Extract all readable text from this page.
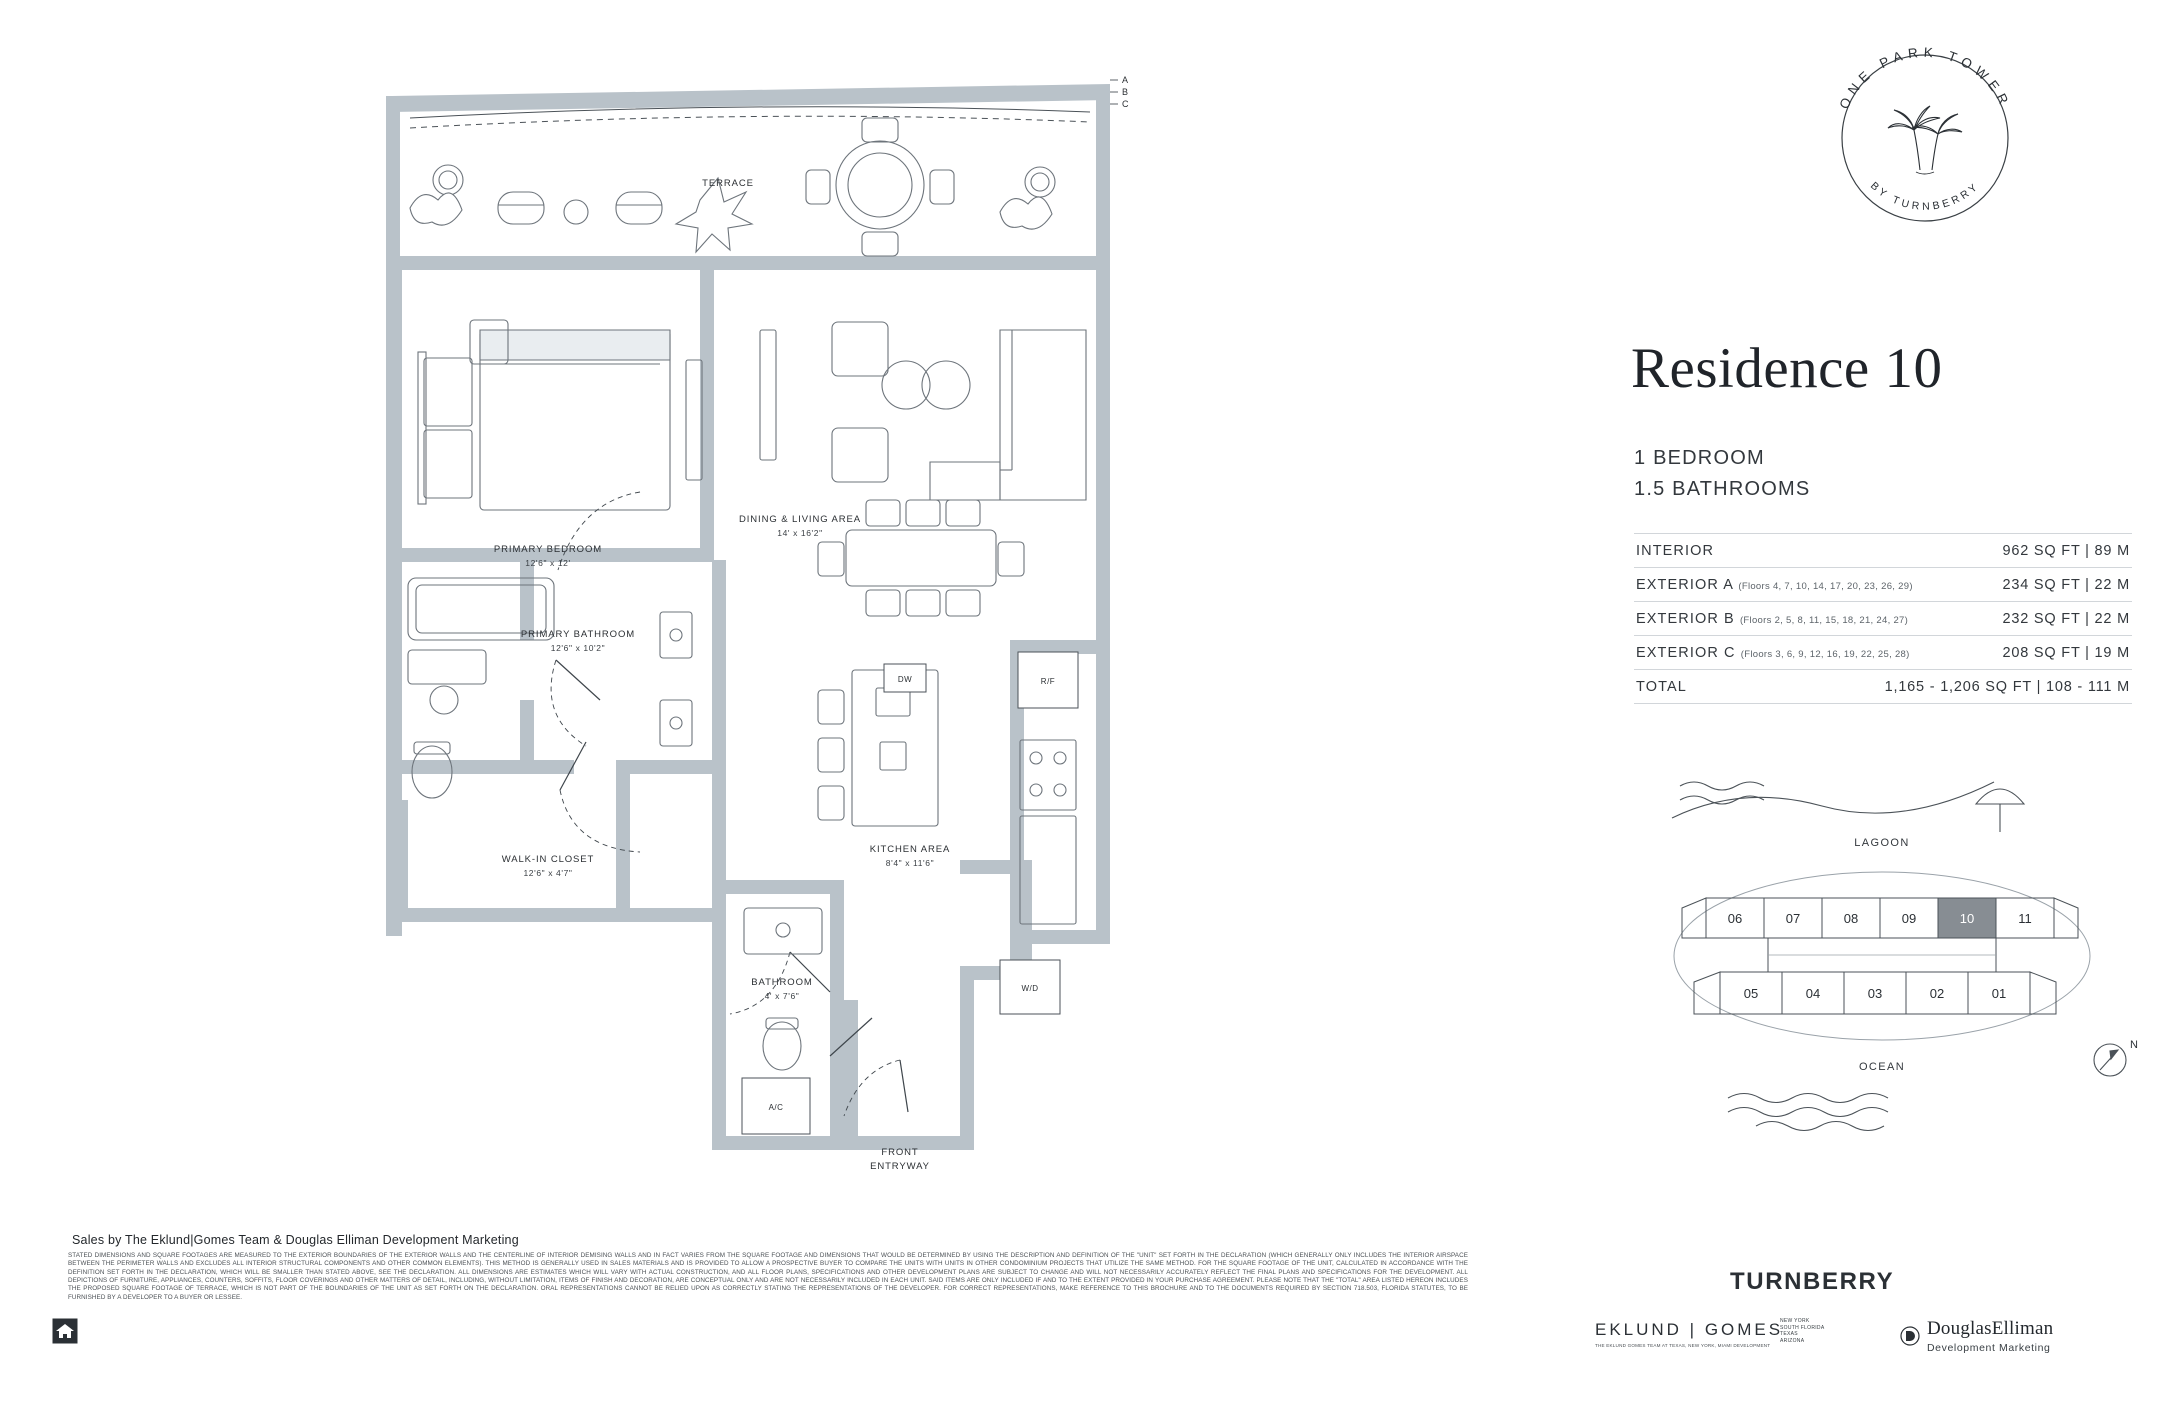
A
B
C
TERRACE
PRIMARY BEDROOM
12'6" x 12'
DINING & LIVING AREA
14' x 16'2"
PRIMARY BATHROOM
12'6" x 10'2"
WALK-IN CLOSET
12'6" x 4'7"
DW	R/F
KITCHEN AREA
8'4" x 11'6"
W/D
BATHROOM
4' x 7'6"
A/C
FRONT
ENTRYWAY
ONE PARK TOWER
BY TURNBERRY
Residence 10
1 BEDROOM
1.5 BATHROOMS
INTERIOR	962 SQ FT | 89 M
EXTERIOR A (Floors 4, 7, 10, 14, 17, 20, 23, 26, 29)	234 SQ FT | 22 M
EXTERIOR B (Floors 2, 5, 8, 11, 15, 18, 21, 24, 27)	232 SQ FT | 22 M
EXTERIOR C (Floors 3, 6, 9, 12, 16, 19, 22, 25, 28)	208 SQ FT | 19 M
TOTAL	1,165 - 1,206 SQ FT | 108 - 111 M
LAGOON
06	07	08	09	10	11
05	04	03	02	01
N
OCEAN
Sales by The Eklund|Gomes Team & Douglas Elliman Development Marketing
STATED DIMENSIONS AND SQUARE FOOTAGES ARE MEASURED TO THE EXTERIOR BOUNDARIES OF THE EXTERIOR WALLS AND THE CENTERLINE OF INTERIOR DEMISING WALLS AND IN FACT VARIES FROM THE SQUARE FOOTAGE AND DIMENSIONS THAT WOULD BE DETERMINED BY USING THE DESCRIPTION AND DEFINITION OF THE "UNIT" SET FORTH IN THE DECLARATION (WHICH GENERALLY ONLY INCLUDES THE INTERIOR AIRSPACE BETWEEN THE PERIMETER WALLS AND EXCLUDES ALL INTERIOR STRUCTURAL COMPONENTS AND OTHER COMMON ELEMENTS). THIS METHOD IS GENERALLY USED IN SALES MATERIALS AND IS PROVIDED TO ALLOW A PROSPECTIVE BUYER TO COMPARE THE UNITS WITH UNITS IN OTHER CONDOMINIUM PROJECTS THAT UTILIZE THE SAME METHOD. FOR THE SQUARE FOOTAGE OF THE UNIT, CALCULATED IN ACCORDANCE WITH THE DEFINITION SET FORTH IN THE DECLARATION, WHICH WILL BE SMALLER THAN STATED ABOVE, SEE THE DECLARATION. ALL DIMENSIONS ARE ESTIMATES WHICH WILL VARY WITH ACTUAL CONSTRUCTION, AND ALL FLOOR PLANS, SPECIFICATIONS AND OTHER DEVELOPMENT PLANS ARE SUBJECT TO CHANGE AND WILL NOT NECESSARILY ACCURATELY REFLECT THE FINAL PLANS AND SPECIFICATIONS FOR THE DEVELOPMENT. ALL DEPICTIONS OF FURNITURE, APPLIANCES, COUNTERS, SOFFITS, FLOOR COVERINGS AND OTHER MATTERS OF DETAIL, INCLUDING, WITHOUT LIMITATION, ITEMS OF FINISH AND DECORATION, ARE CONCEPTUAL ONLY AND ARE NOT NECESSARILY INCLUDED IN EACH UNIT. SAID ITEMS ARE ONLY INCLUDED IF AND TO THE EXTENT PROVIDED IN YOUR PURCHASE AGREEMENT. PLEASE NOTE THAT THE "TOTAL" AREA LISTED HEREON INCLUDES THE PROPOSED SQUARE FOOTAGE OF TERRACE, WHICH IS NOT PART OF THE BOUNDARIES OF THE UNIT AS SET FORTH ON THE DECLARATION. ORAL REPRESENTATIONS CANNOT BE RELIED UPON AS CORRECTLY STATING THE REPRESENTATIONS OF THE DEVELOPER. FOR CORRECT REPRESENTATIONS, MAKE REFERENCE TO THIS BROCHURE AND TO THE DOCUMENTS REQUIRED BY SECTION 718.503, FLORIDA STATUTES, TO BE FURNISHED BY A DEVELOPER TO A BUYER OR LESSEE.
TURNBERRY
EKLUND | GOMES
THE EKLUND GOMES TEAM AT TEXAS, NEW YORK, MIAMI DEVELOPMENT
NEW YORK
SOUTH FLORIDA
TEXAS
ARIZONA
DouglasElliman
Development Marketing
